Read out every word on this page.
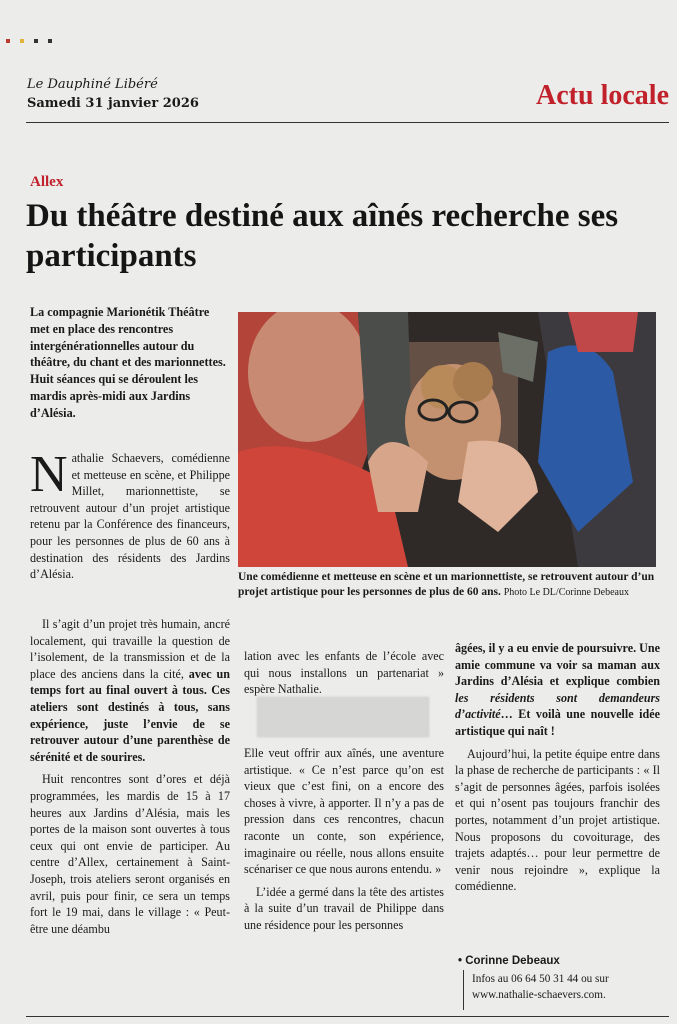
Le Dauphiné Libéré
Samedi 31 janvier 2026	Actu locale
Allex
Du théâtre destiné aux aînés recherche ses participants
La compagnie Marionétik Théâtre met en place des rencontres intergénérationnelles autour du théâtre, du chant et des marionnettes. Huit séances qui se déroulent les mardis après-midi aux Jardins d’Alésia.

Nathalie Schaevers, comédienne et metteuse en scène, et Philippe Millet, marionnettiste, se retrouvent autour d’un projet artistique retenu par la Conférence des financeurs, pour les personnes de plus de 60 ans à destination des résidents des Jardins d’Alésia.

Il s’agit d’un projet très humain, ancré localement, qui travaille la question de l’isolement, de la transmission et de la place des anciens dans la cité, avec un temps fort au final ouvert à tous. Ces ateliers sont destinés à tous, sans expérience, juste l’envie de se retrouver autour d’une parenthèse de sérénité et de sourires.

Huit rencontres sont d’ores et déjà programmées, les mardis de 15 à 17 heures aux Jardins d’Alésia, mais les portes de la maison sont ouvertes à tous ceux qui ont envie de participer. Au centre d’Allex, certainement à Saint-Joseph, trois ateliers seront organisés en avril, puis pour finir, ce sera un temps fort le 19 mai, dans le village : « Peut-être une déambu

lation avec les enfants de l’école avec qui nous installons un partenariat » espère Nathalie.

Elle veut offrir aux aînés, une aventure artistique. « Ce n’est parce qu’on est vieux que c’est fini, on a encore des choses à vivre, à apporter. Il n’y a pas de pression dans ces rencontres, chacun raconte un conte, son expérience, imaginaire ou réelle, nous allons ensuite scénariser ce que nous aurons entendu. »

L’idée a germé dans la tête des artistes à la suite d’un travail de Philippe dans une résidence pour les personnes

âgées, il y a eu envie de poursuivre. Une amie commune va voir sa maman aux Jardins d’Alésia et explique combien les résidents sont demandeurs d’activité… Et voilà une nouvelle idée artistique qui naît !

Aujourd’hui, la petite équipe entre dans la phase de recherche de participants : « Il s’agit de personnes âgées, parfois isolées et qui n’osent pas toujours franchir des portes, notamment d’un projet artistique. Nous proposons du covoiturage, des trajets adaptés… pour leur permettre de venir nous rejoindre », explique la comédienne.

Une comédienne et metteuse en scène et un marionnettiste, se retrouvent autour d’un projet artistique pour les personnes de plus de 60 ans. Photo Le DL/Corinne Debeaux
• Corinne Debeaux
Infos au 06 64 50 31 44 ou sur
www.nathalie-schaevers.com.
